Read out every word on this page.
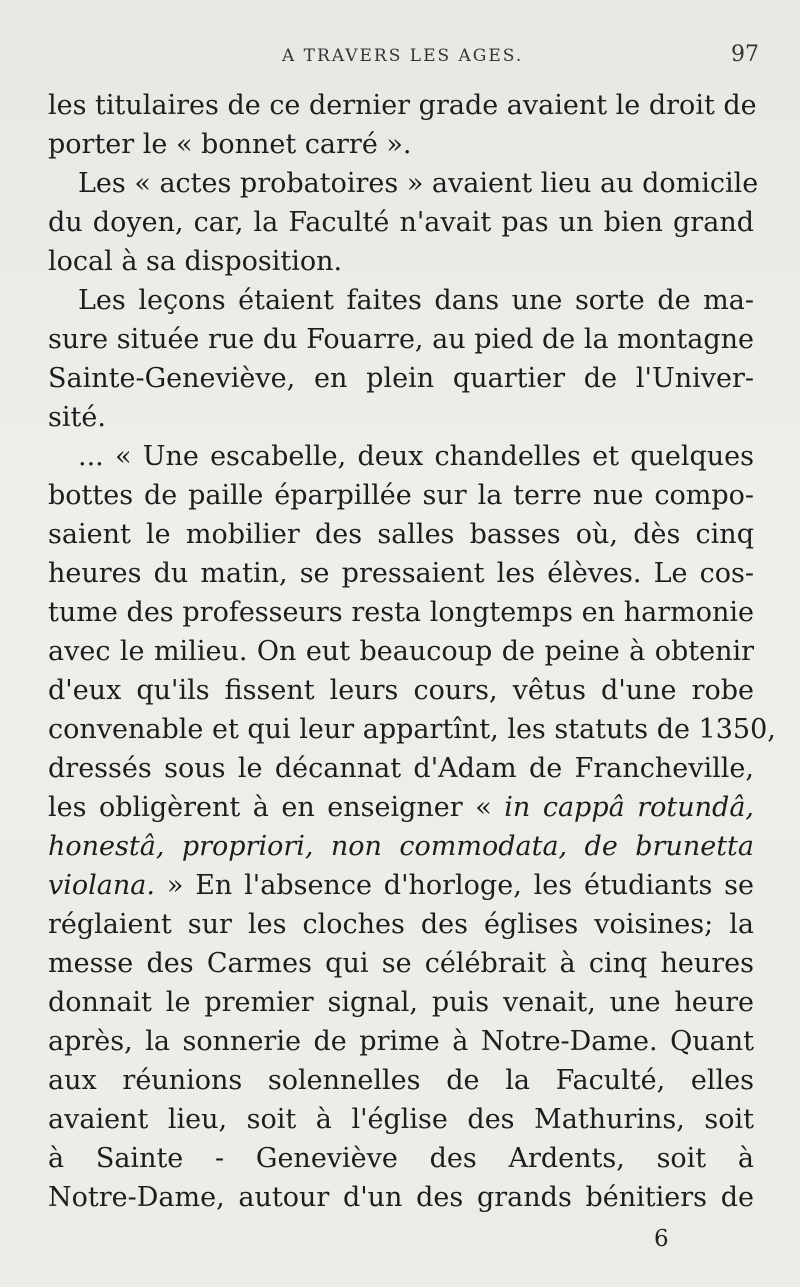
A TRAVERS LES AGES.	97
les titulaires de ce dernier grade avaient le droit de
porter le « bonnet carré ».
Les « actes probatoires » avaient lieu au domicile
du doyen, car, la Faculté n'avait pas un bien grand
local à sa disposition.
Les leçons étaient faites dans une sorte de ma-
sure située rue du Fouarre, au pied de la montagne
Sainte-Geneviève, en plein quartier de l'Univer-
sité.
... « Une escabelle, deux chandelles et quelques
bottes de paille éparpillée sur la terre nue compo-
saient le mobilier des salles basses où, dès cinq
heures du matin, se pressaient les élèves. Le cos-
tume des professeurs resta longtemps en harmonie
avec le milieu. On eut beaucoup de peine à obtenir
d'eux qu'ils fissent leurs cours, vêtus d'une robe
convenable et qui leur appartînt, les statuts de 1350,
dressés sous le décannat d'Adam de Francheville,
les obligèrent à en enseigner « in cappâ rotundâ,
honestâ, propriori, non commodata, de brunetta
violana. » En l'absence d'horloge, les étudiants se
réglaient sur les cloches des églises voisines; la
messe des Carmes qui se célébrait à cinq heures
donnait le premier signal, puis venait, une heure
après, la sonnerie de prime à Notre-Dame. Quant
aux réunions solennelles de la Faculté, elles
avaient lieu, soit à l'église des Mathurins, soit
à Sainte - Geneviève des Ardents, soit à
Notre-Dame, autour d'un des grands bénitiers de
6
